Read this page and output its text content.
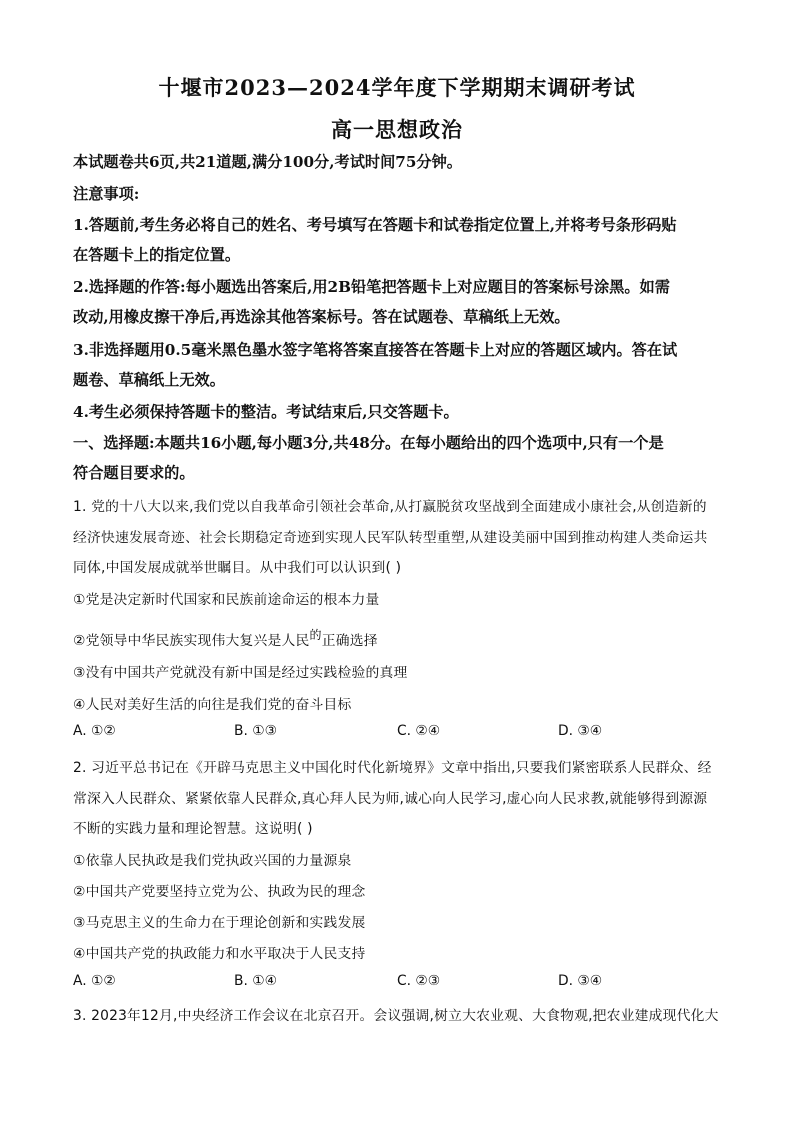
十堰市2023—2024学年度下学期期末调研考试
高一思想政治
本试题卷共6页,共21道题,满分100分,考试时间75分钟。
注意事项:
1.答题前,考生务必将自己的姓名、考号填写在答题卡和试卷指定位置上,并将考号条形码贴
在答题卡上的指定位置。
2.选择题的作答:每小题选出答案后,用2B铅笔把答题卡上对应题目的答案标号涂黑。如需
改动,用橡皮擦干净后,再选涂其他答案标号。答在试题卷、草稿纸上无效。
3.非选择题用0.5毫米黑色墨水签字笔将答案直接答在答题卡上对应的答题区域内。答在试
题卷、草稿纸上无效。
4.考生必须保持答题卡的整洁。考试结束后,只交答题卡。
一、选择题:本题共16小题,每小题3分,共48分。在每小题给出的四个选项中,只有一个是
符合题目要求的。
1. 党的十八大以来,我们党以自我革命引领社会革命,从打赢脱贫攻坚战到全面建成小康社会,从创造新的
经济快速发展奇迹、社会长期稳定奇迹到实现人民军队转型重塑,从建设美丽中国到推动构建人类命运共
同体,中国发展成就举世瞩目。从中我们可以认识到( )
①党是决定新时代国家和民族前途命运的根本力量
②党领导中华民族实现伟大复兴是人民$^的$正确选择
③没有中国共产党就没有新中国是经过实践检验的真理
④人民对美好生活的向往是我们党的奋斗目标
A. ①②	B. ①③	C. ②④	D. ③④
2. 习近平总书记在《开辟马克思主义中国化时代化新境界》文章中指出,只要我们紧密联系人民群众、经
常深入人民群众、紧紧依靠人民群众,真心拜人民为师,诚心向人民学习,虚心向人民求教,就能够得到源源
不断的实践力量和理论智慧。这说明( )
①依靠人民执政是我们党执政兴国的力量源泉
②中国共产党要坚持立党为公、执政为民的理念
③马克思主义的生命力在于理论创新和实践发展
④中国共产党的执政能力和水平取决于人民支持
A. ①②	B. ①④	C. ②③	D. ③④
3. 2023年12月,中央经济工作会议在北京召开。会议强调,树立大农业观、大食物观,把农业建成现代化大
